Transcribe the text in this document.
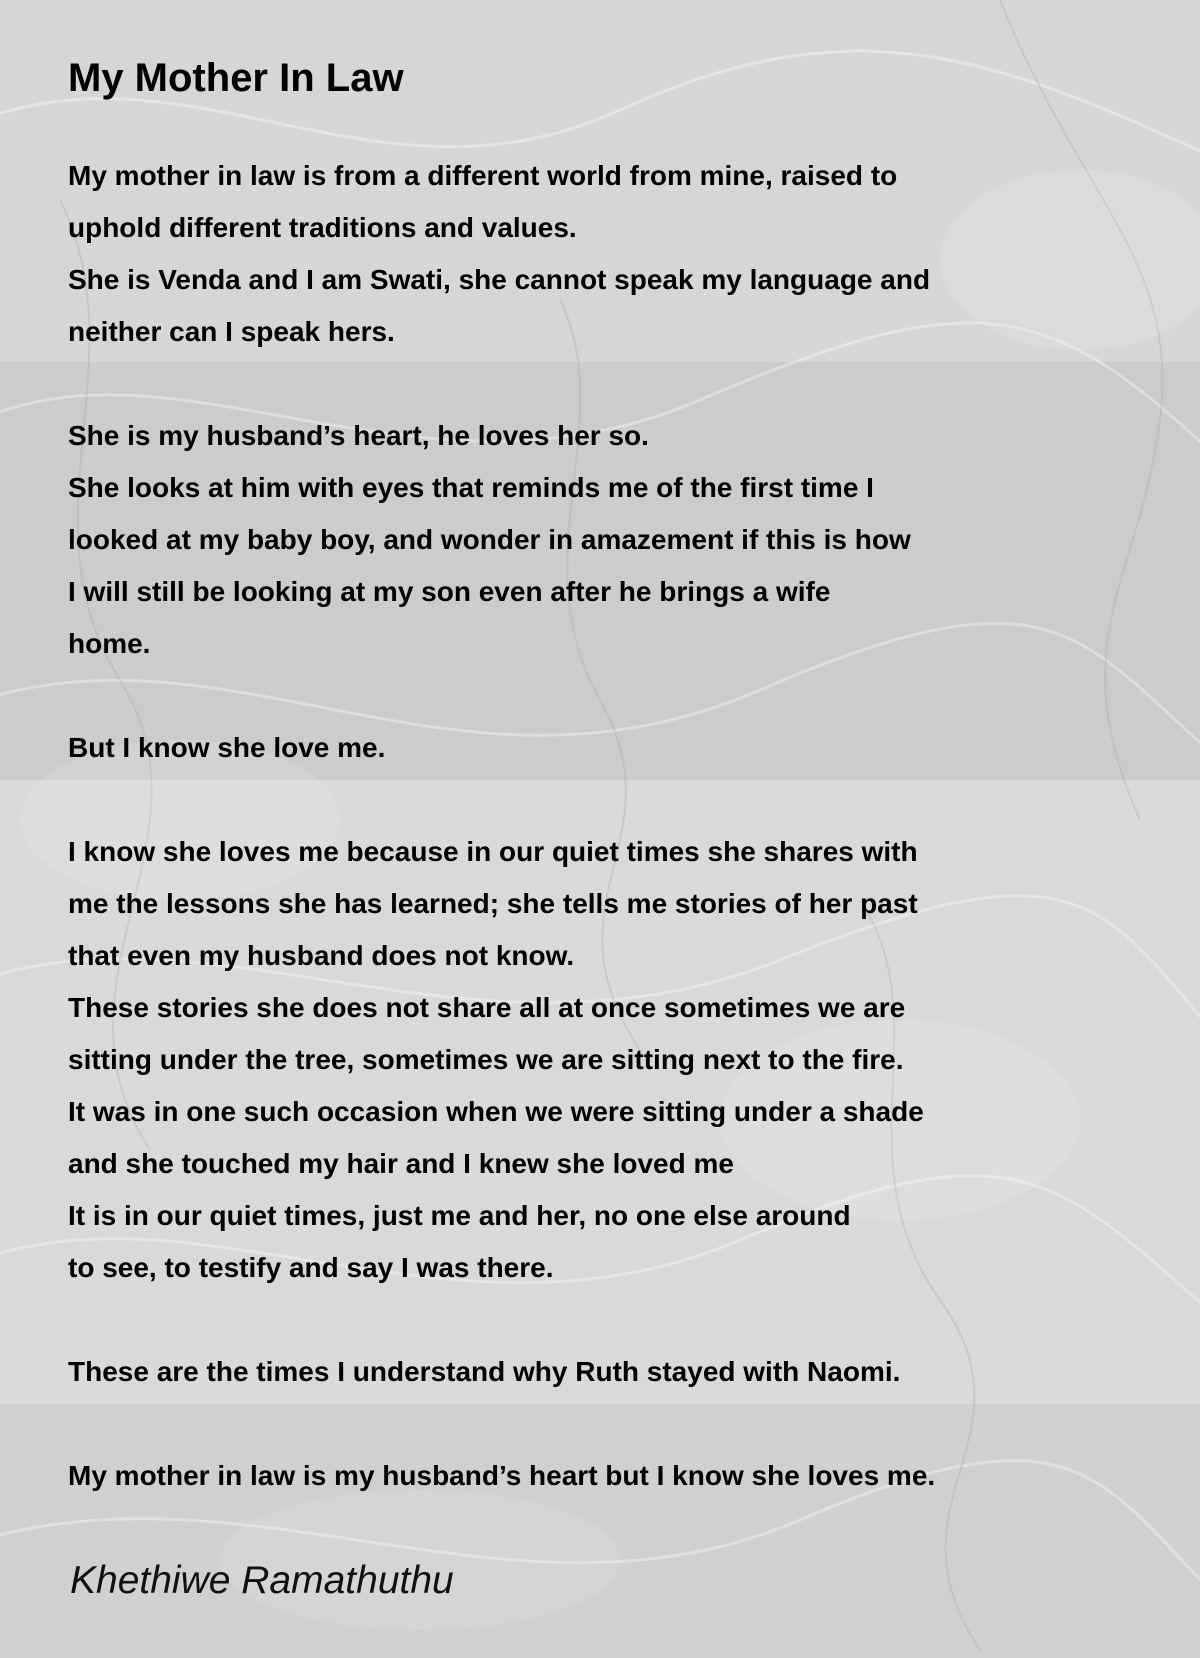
My Mother In Law
My mother in law is from a different world from mine, raised to
uphold different traditions and values.
She is Venda and I am Swati, she cannot speak my language and
neither can I speak hers.
She is my husband’s heart, he loves her so.
She looks at him with eyes that reminds me of the first time I
looked at my baby boy, and wonder in amazement if this is how
I will still be looking at my son even after he brings a wife
home.
But I know she love me.
I know she loves me because in our quiet times she shares with
me the lessons she has learned; she tells me stories of her past
that even my husband does not know.
These stories she does not share all at once sometimes we are
sitting under the tree, sometimes we are sitting next to the fire.
It was in one such occasion when we were sitting under a shade
and she touched my hair and I knew she loved me
It is in our quiet times, just me and her, no one else around
to see, to testify and say I was there.
These are the times I understand why Ruth stayed with Naomi.
My mother in law is my husband’s heart but I know she loves me.
Khethiwe Ramathuthu
